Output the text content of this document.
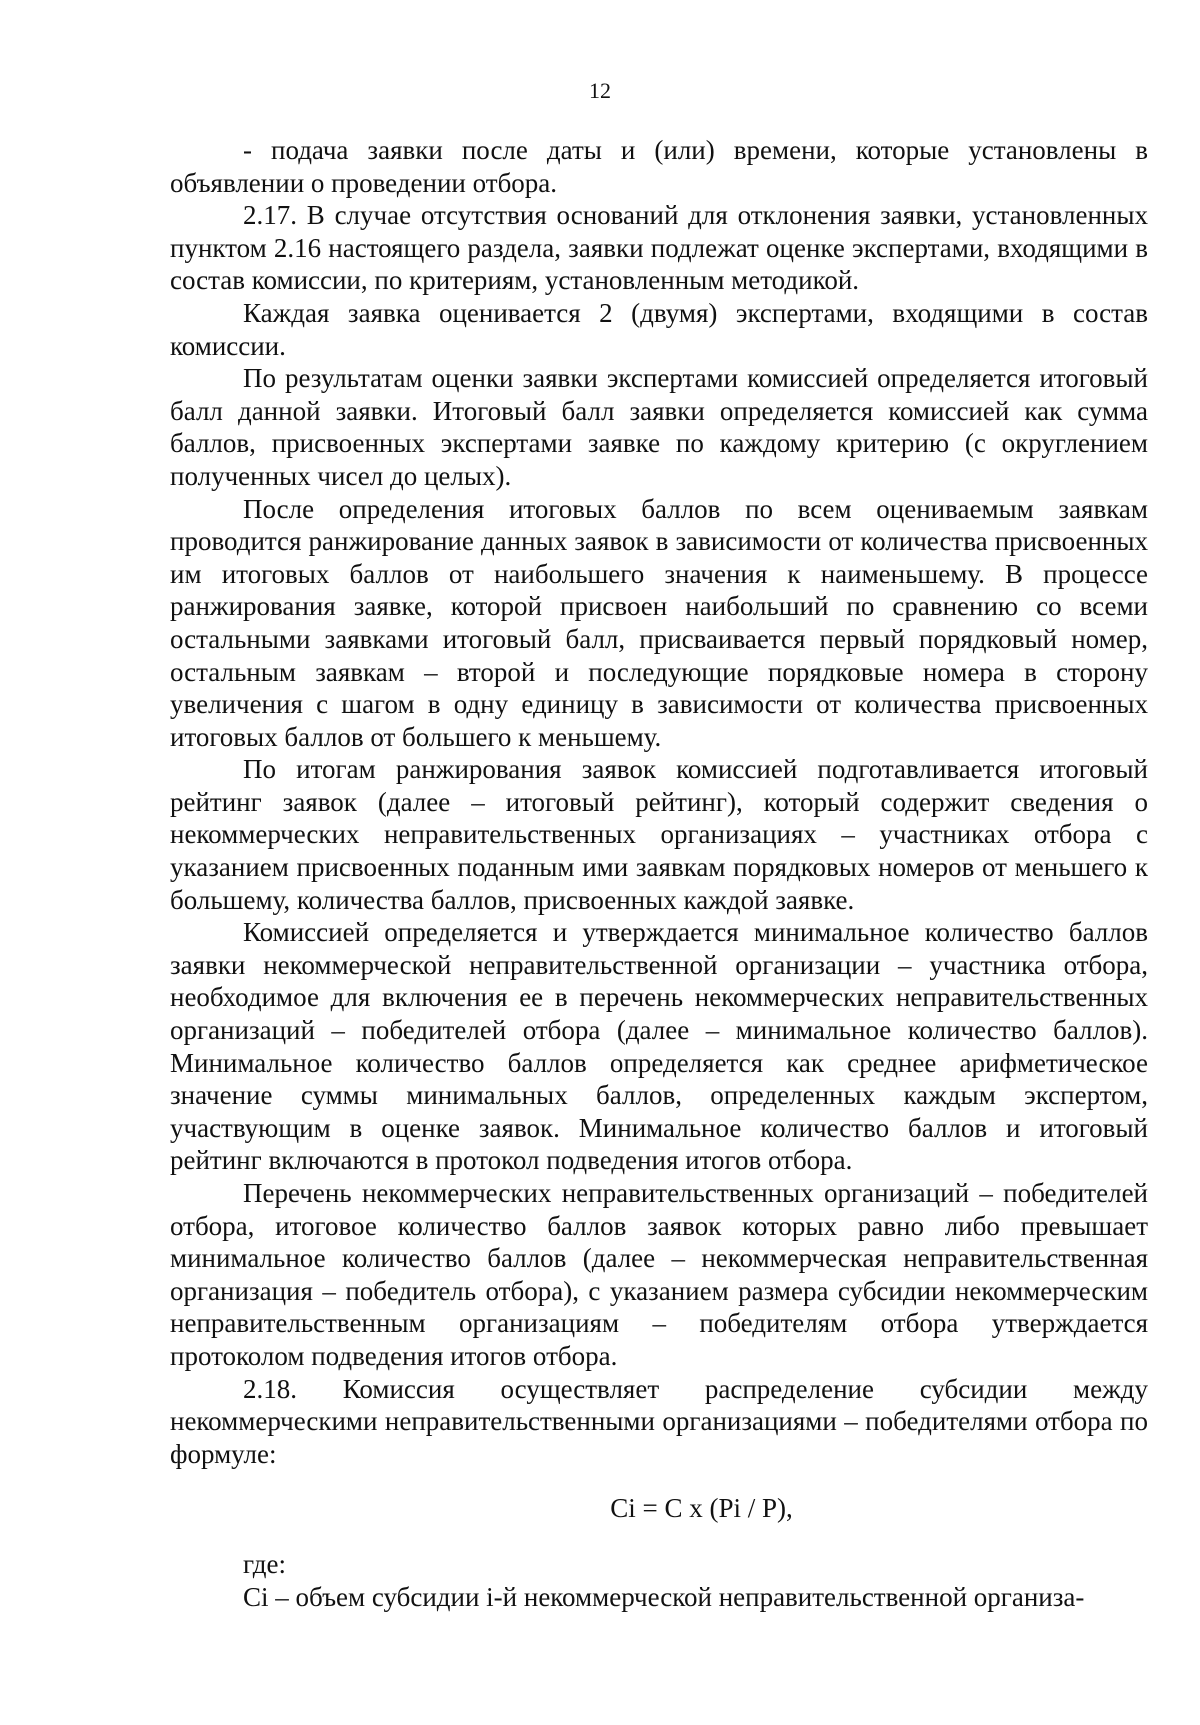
12

- подача заявки после даты и (или) времени, которые установлены в объявлении о проведении отбора.

2.17. В случае отсутствия оснований для отклонения заявки, установленных пунктом 2.16 настоящего раздела, заявки подлежат оценке экспертами, входящими в состав комиссии, по критериям, установленным методикой.

Каждая заявка оценивается 2 (двумя) экспертами, входящими в состав комиссии.

По результатам оценки заявки экспертами комиссией определяется итоговый балл данной заявки. Итоговый балл заявки определяется комиссией как сумма баллов, присвоенных экспертами заявке по каждому критерию (с округлением полученных чисел до целых).

После определения итоговых баллов по всем оцениваемым заявкам проводится ранжирование данных заявок в зависимости от количества присвоенных им итоговых баллов от наибольшего значения к наименьшему. В процессе ранжирования заявке, которой присвоен наибольший по сравнению со всеми остальными заявками итоговый балл, присваивается первый порядковый номер, остальным заявкам – второй и последующие порядковые номера в сторону увеличения с шагом в одну единицу в зависимости от количества присвоенных итоговых баллов от большего к меньшему.

По итогам ранжирования заявок комиссией подготавливается итоговый рейтинг заявок (далее – итоговый рейтинг), который содержит сведения о некоммерческих неправительственных организациях – участниках отбора с указанием присвоенных поданным ими заявкам порядковых номеров от меньшего к большему, количества баллов, присвоенных каждой заявке.

Комиссией определяется и утверждается минимальное количество баллов заявки некоммерческой неправительственной организации – участника отбора, необходимое для включения ее в перечень некоммерческих неправительственных организаций – победителей отбора (далее – минимальное количество баллов). Минимальное количество баллов определяется как среднее арифметическое значение суммы минимальных баллов, определенных каждым экспертом, участвующим в оценке заявок. Минимальное количество баллов и итоговый рейтинг включаются в протокол подведения итогов отбора.

Перечень некоммерческих неправительственных организаций – победителей отбора, итоговое количество баллов заявок которых равно либо превышает минимальное количество баллов (далее – некоммерческая неправительственная организация – победитель отбора), с указанием размера субсидии некоммерческим неправительственным организациям – победителям отбора утверждается протоколом подведения итогов отбора.

2.18. Комиссия осуществляет распределение субсидии между некоммерческими неправительственными организациями – победителями отбора по формуле:

Ci = C x (Pi / P),

где:

Ci – объем субсидии i-й некоммерческой неправительственной организа-
